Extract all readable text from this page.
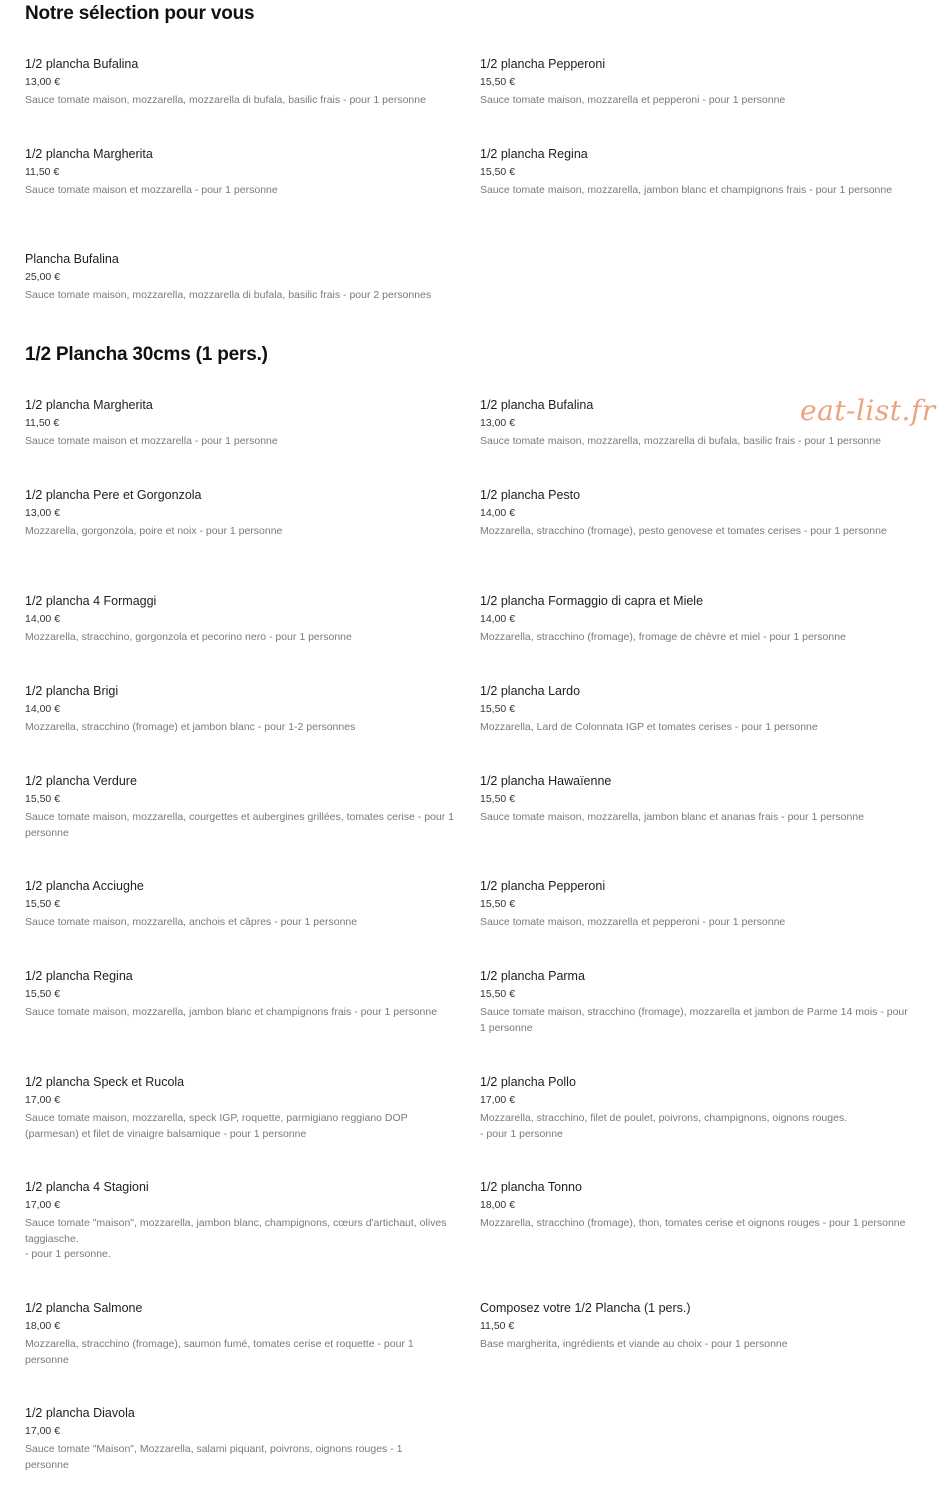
Notre sélection pour vous
1/2 plancha Bufalina
13,00 €
Sauce tomate maison, mozzarella, mozzarella di bufala, basilic frais - pour 1 personne
1/2 plancha Pepperoni
15,50 €
Sauce tomate maison, mozzarella et pepperoni - pour 1 personne
1/2 plancha Margherita
11,50 €
Sauce tomate maison et mozzarella - pour 1 personne
1/2 plancha Regina
15,50 €
Sauce tomate maison, mozzarella, jambon blanc et champignons frais - pour 1 personne
Plancha Bufalina
25,00 €
Sauce tomate maison, mozzarella, mozzarella di bufala, basilic frais - pour 2 personnes
1/2 Plancha 30cms (1 pers.)
1/2 plancha Margherita
11,50 €
Sauce tomate maison et mozzarella - pour 1 personne
1/2 plancha Bufalina
13,00 €
Sauce tomate maison, mozzarella, mozzarella di bufala, basilic frais - pour 1 personne
1/2 plancha Pere et Gorgonzola
13,00 €
Mozzarella, gorgonzola, poire et noix - pour 1 personne
1/2 plancha Pesto
14,00 €
Mozzarella, stracchino (fromage), pesto genovese et tomates cerises - pour 1 personne
1/2 plancha 4 Formaggi
14,00 €
Mozzarella, stracchino, gorgonzola et pecorino nero - pour 1 personne
1/2 plancha Formaggio di capra et Miele
14,00 €
Mozzarella, stracchino (fromage), fromage de chèvre et miel - pour 1 personne
1/2 plancha Brigi
14,00 €
Mozzarella, stracchino (fromage) et jambon blanc - pour 1-2 personnes
1/2 plancha Lardo
15,50 €
Mozzarella, Lard de Colonnata IGP et tomates cerises - pour 1 personne
1/2 plancha Verdure
15,50 €
Sauce tomate maison, mozzarella, courgettes et aubergines grillées, tomates cerise - pour 1 personne
1/2 plancha Hawaïenne
15,50 €
Sauce tomate maison, mozzarella, jambon blanc et ananas frais - pour 1 personne
1/2 plancha Acciughe
15,50 €
Sauce tomate maison, mozzarella, anchois et câpres - pour 1 personne
1/2 plancha Pepperoni
15,50 €
Sauce tomate maison, mozzarella et pepperoni - pour 1 personne
1/2 plancha Regina
15,50 €
Sauce tomate maison, mozzarella, jambon blanc et champignons frais - pour 1 personne
1/2 plancha Parma
15,50 €
Sauce tomate maison, stracchino (fromage), mozzarella et jambon de Parme 14 mois - pour 1 personne
1/2 plancha Speck et Rucola
17,00 €
Sauce tomate maison, mozzarella, speck IGP, roquette, parmigiano reggiano DOP (parmesan) et filet de vinaigre balsamique - pour 1 personne
1/2 plancha Pollo
17,00 €
Mozzarella, stracchino, filet de poulet, poivrons, champignons, oignons rouges.
- pour 1 personne
1/2 plancha 4 Stagioni
17,00 €
Sauce tomate "maison", mozzarella, jambon blanc, champignons, cœurs d'artichaut, olives taggiasche.
- pour 1 personne.
1/2 plancha Tonno
18,00 €
Mozzarella, stracchino (fromage), thon, tomates cerise et oignons rouges - pour 1 personne
1/2 plancha Salmone
18,00 €
Mozzarella, stracchino (fromage), saumon fumé, tomates cerise et roquette - pour 1 personne
Composez votre 1/2 Plancha (1 pers.)
11,50 €
Base margherita, ingrédients et viande au choix - pour 1 personne
1/2 plancha Diavola
17,00 €
Sauce tomate "Maison", Mozzarella, salami piquant, poivrons, oignons rouges - 1 personne
eat-list.fr
